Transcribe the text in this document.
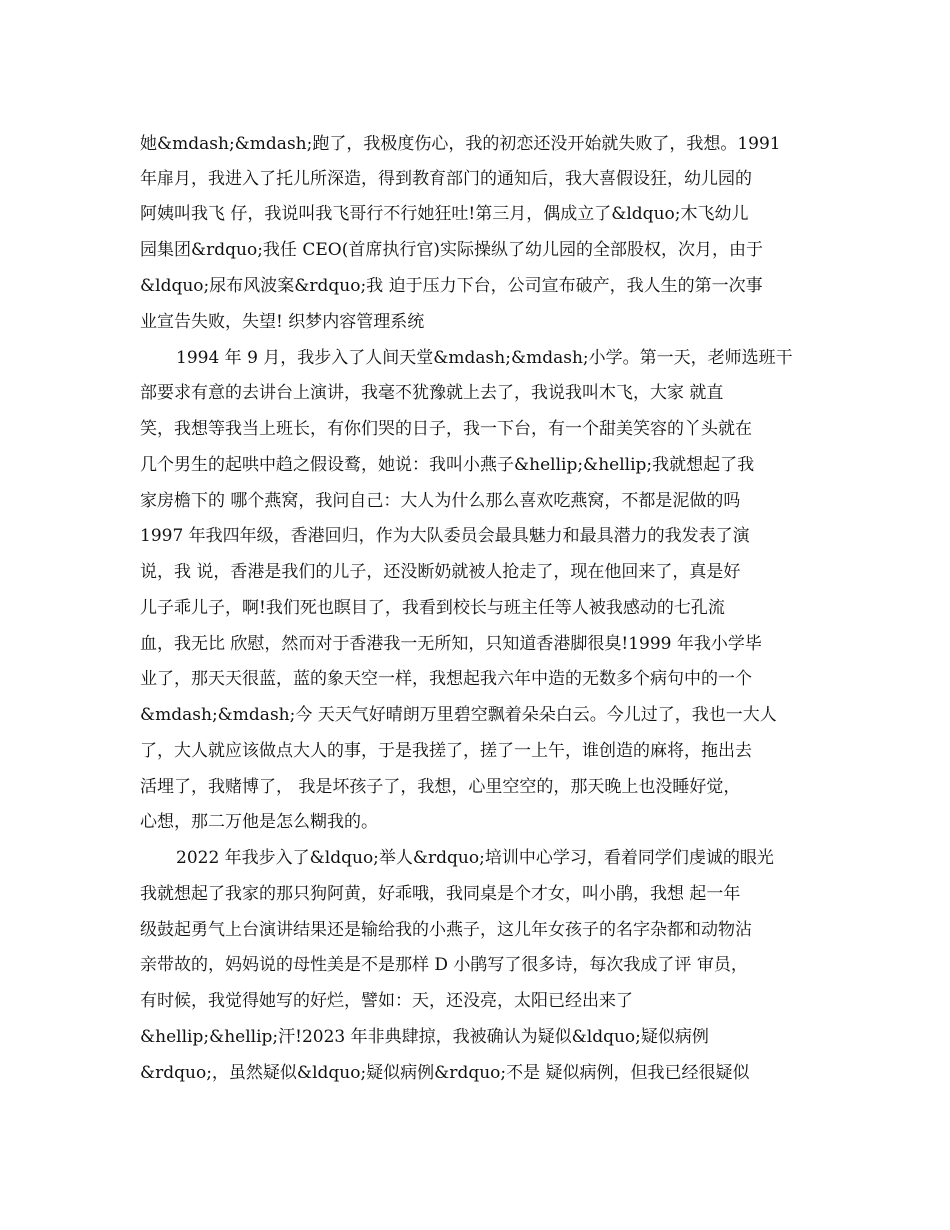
她&mdash;&mdash;跑了，我极度伤心，我的初恋还没开始就失败了，我想。1991
年扉月，我进入了托儿所深造，得到教育部门的通知后，我大喜假设狂，幼儿园的
阿姨叫我飞 仔，我说叫我飞哥行不行她狂吐!第三月，偶成立了&ldquo;木飞幼儿
园集团&rdquo;我任 CEO(首席执行官)实际操纵了幼儿园的全部股权，次月，由于
&ldquo;尿布风波案&rdquo;我 迫于压力下台，公司宣布破产，我人生的第一次事
业宣告失败，失望! 织梦内容管理系统
1994 年 9 月，我步入了人间天堂&mdash;&mdash;小学。第一天，老师选班干
部要求有意的去讲台上演讲，我毫不犹豫就上去了，我说我叫木飞，大家 就直
笑，我想等我当上班长，有你们哭的日子，我一下台，有一个甜美笑容的丫头就在
几个男生的起哄中趋之假设鹜，她说：我叫小燕子&hellip;&hellip;我就想起了我
家房檐下的 哪个燕窝，我问自己：大人为什么那么喜欢吃燕窝，不都是泥做的吗
1997 年我四年级，香港回归，作为大队委员会最具魅力和最具潜力的我发表了演
说，我 说，香港是我们的儿子，还没断奶就被人抢走了，现在他回来了，真是好
儿子乖儿子，啊!我们死也瞑目了，我看到校长与班主任等人被我感动的七孔流
血，我无比 欣慰，然而对于香港我一无所知，只知道香港脚很臭!1999 年我小学毕
业了，那天天很蓝，蓝的象天空一样，我想起我六年中造的无数多个病句中的一个
&mdash;&mdash;今 天天气好晴朗万里碧空飘着朵朵白云。今儿过了，我也一大人
了，大人就应该做点大人的事，于是我搓了，搓了一上午，谁创造的麻将，拖出去
活埋了，我赌博了， 我是坏孩子了，我想，心里空空的，那天晚上也没睡好觉，
心想，那二万他是怎么糊我的。
2022 年我步入了&ldquo;举人&rdquo;培训中心学习，看着同学们虔诚的眼光
我就想起了我家的那只狗阿黄，好乖哦，我同桌是个才女，叫小鹃，我想 起一年
级鼓起勇气上台演讲结果还是输给我的小燕子，这儿年女孩子的名字杂都和动物沾
亲带故的，妈妈说的母性美是不是那样 D 小鹃写了很多诗，每次我成了评 审员，
有时候，我觉得她写的好烂，譬如：天，还没亮，太阳已经出来了
&hellip;&hellip;汗!2023 年非典肆掠，我被确认为疑似&ldquo;疑似病例
&rdquo;，虽然疑似&ldquo;疑似病例&rdquo;不是 疑似病例，但我已经很疑似
